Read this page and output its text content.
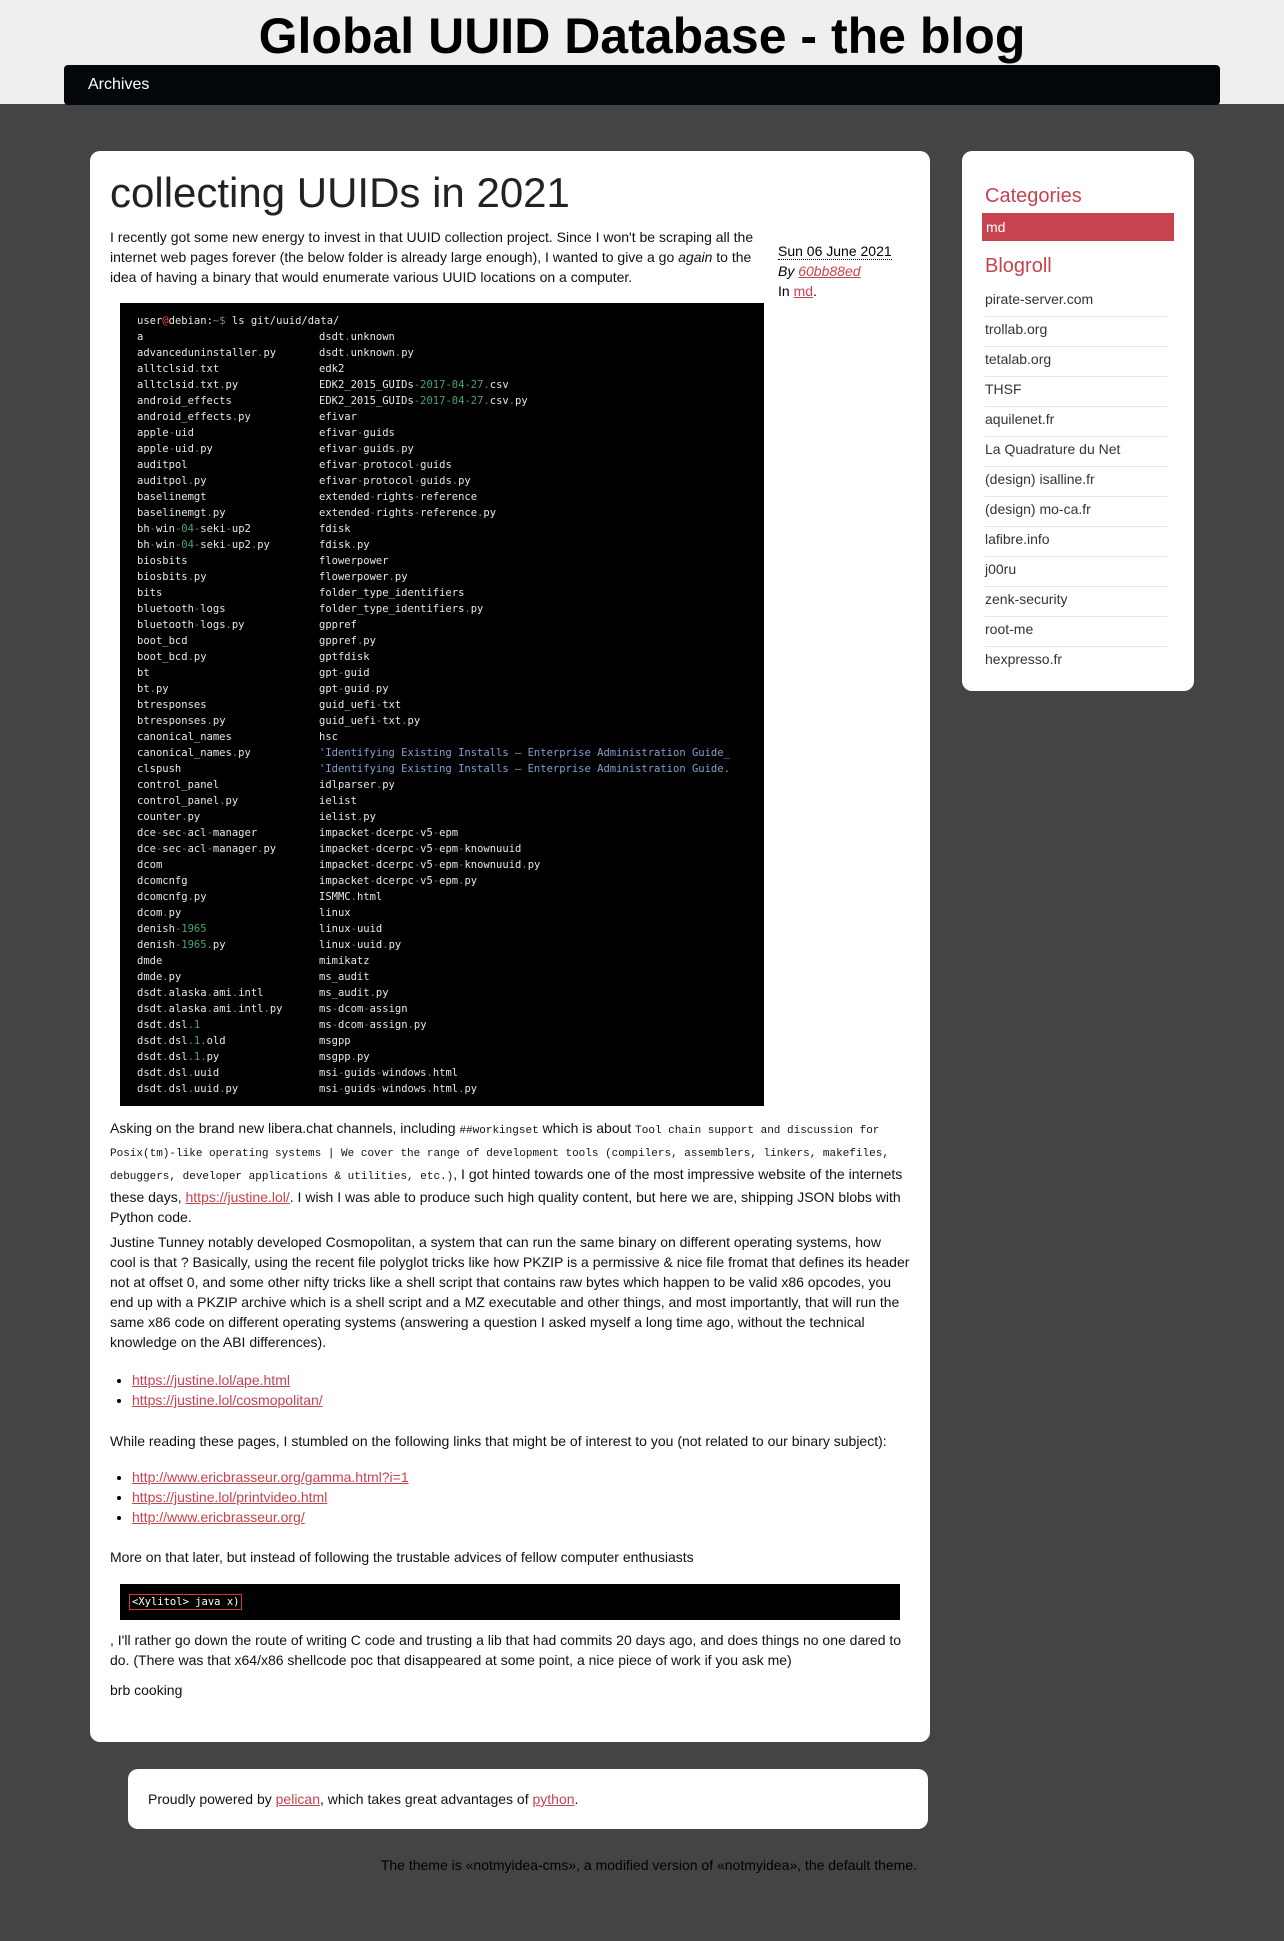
Global UUID Database - the blog
Archives
collecting UUIDs in 2021
Sun 06 June 2021
By 60bb88ed
In md.

I recently got some new energy to invest in that UUID collection project. Since I won't be scraping all the internet web pages forever (the below folder is already large enough), I wanted to give a go again to the idea of having a binary that would enumerate various UUID locations on a computer.

user@debian:~$ ls git/uuid/data/
a	dsdt.unknown
advanceduninstaller.py	dsdt.unknown.py
alltclsid.txt	edk2
alltclsid.txt.py	EDK2_2015_GUIDs-2017-04-27.csv
android_effects	EDK2_2015_GUIDs-2017-04-27.csv.py
android_effects.py	efivar
apple-uid	efivar-guids
apple-uid.py	efivar-guids.py
auditpol	efivar-protocol-guids
auditpol.py	efivar-protocol-guids.py
baselinemgt	extended-rights-reference
baselinemgt.py	extended-rights-reference.py
bh-win-04-seki-up2	fdisk
bh-win-04-seki-up2.py	fdisk.py
biosbits	flowerpower
biosbits.py	flowerpower.py
bits	folder_type_identifiers
bluetooth-logs	folder_type_identifiers.py
bluetooth-logs.py	gppref
boot_bcd	gppref.py
boot_bcd.py	gptfdisk
bt	gpt-guid
bt.py	gpt-guid.py
btresponses	guid_uefi-txt
btresponses.py	guid_uefi-txt.py
canonical_names	hsc
canonical_names.py	'Identifying Existing Installs — Enterprise Administration Guide_
clspush	'Identifying Existing Installs — Enterprise Administration Guide.
control_panel	idlparser.py
control_panel.py	ielist
counter.py	ielist.py
dce-sec-acl-manager	impacket-dcerpc-v5-epm
dce-sec-acl-manager.py	impacket-dcerpc-v5-epm-knownuuid
dcom	impacket-dcerpc-v5-epm-knownuuid.py
dcomcnfg	impacket-dcerpc-v5-epm.py
dcomcnfg.py	ISMMC.html
dcom.py	linux
denish-1965	linux-uuid
denish-1965.py	linux-uuid.py
dmde	mimikatz
dmde.py	ms_audit
dsdt.alaska.ami.intl	ms_audit.py
dsdt.alaska.ami.intl.py	ms-dcom-assign
dsdt.dsl.1	ms-dcom-assign.py
dsdt.dsl.1.old	msgpp
dsdt.dsl.1.py	msgpp.py
dsdt.dsl.uuid	msi-guids-windows.html
dsdt.dsl.uuid.py	msi-guids-windows.html.py

Asking on the brand new libera.chat channels, including ##workingset which is about Tool chain support and discussion for Posix(tm)-like operating systems | We cover the range of development tools (compilers, assemblers, linkers, makefiles, debuggers, developer applications & utilities, etc.), I got hinted towards one of the most impressive website of the internets these days, https://justine.lol/. I wish I was able to produce such high quality content, but here we are, shipping JSON blobs with Python code.

Justine Tunney notably developed Cosmopolitan, a system that can run the same binary on different operating systems, how cool is that ? Basically, using the recent file polyglot tricks like how PKZIP is a permissive & nice file fromat that defines its header not at offset 0, and some other nifty tricks like a shell script that contains raw bytes which happen to be valid x86 opcodes, you end up with a PKZIP archive which is a shell script and a MZ executable and other things, and most importantly, that will run the same x86 code on different operating systems (answering a question I asked myself a long time ago, without the technical knowledge on the ABI differences).

• https://justine.lol/ape.html
• https://justine.lol/cosmopolitan/

While reading these pages, I stumbled on the following links that might be of interest to you (not related to our binary subject):

• http://www.ericbrasseur.org/gamma.html?i=1
• https://justine.lol/printvideo.html
• http://www.ericbrasseur.org/

More on that later, but instead of following the trustable advices of fellow computer enthusiasts

<Xylitol> java x)

, I'll rather go down the route of writing C code and trusting a lib that had commits 20 days ago, and does things no one dared to do. (There was that x64/x86 shellcode poc that disappeared at some point, a nice piece of work if you ask me)

brb cooking

Categories
md
Blogroll
pirate-server.com
trollab.org
tetalab.org
THSF
aquilenet.fr
La Quadrature du Net
(design) isalline.fr
(design) mo-ca.fr
lafibre.info
j00ru
zenk-security
root-me
hexpresso.fr
Proudly powered by pelican, which takes great advantages of python.
The theme is «notmyidea-cms», a modified version of «notmyidea», the default theme.
